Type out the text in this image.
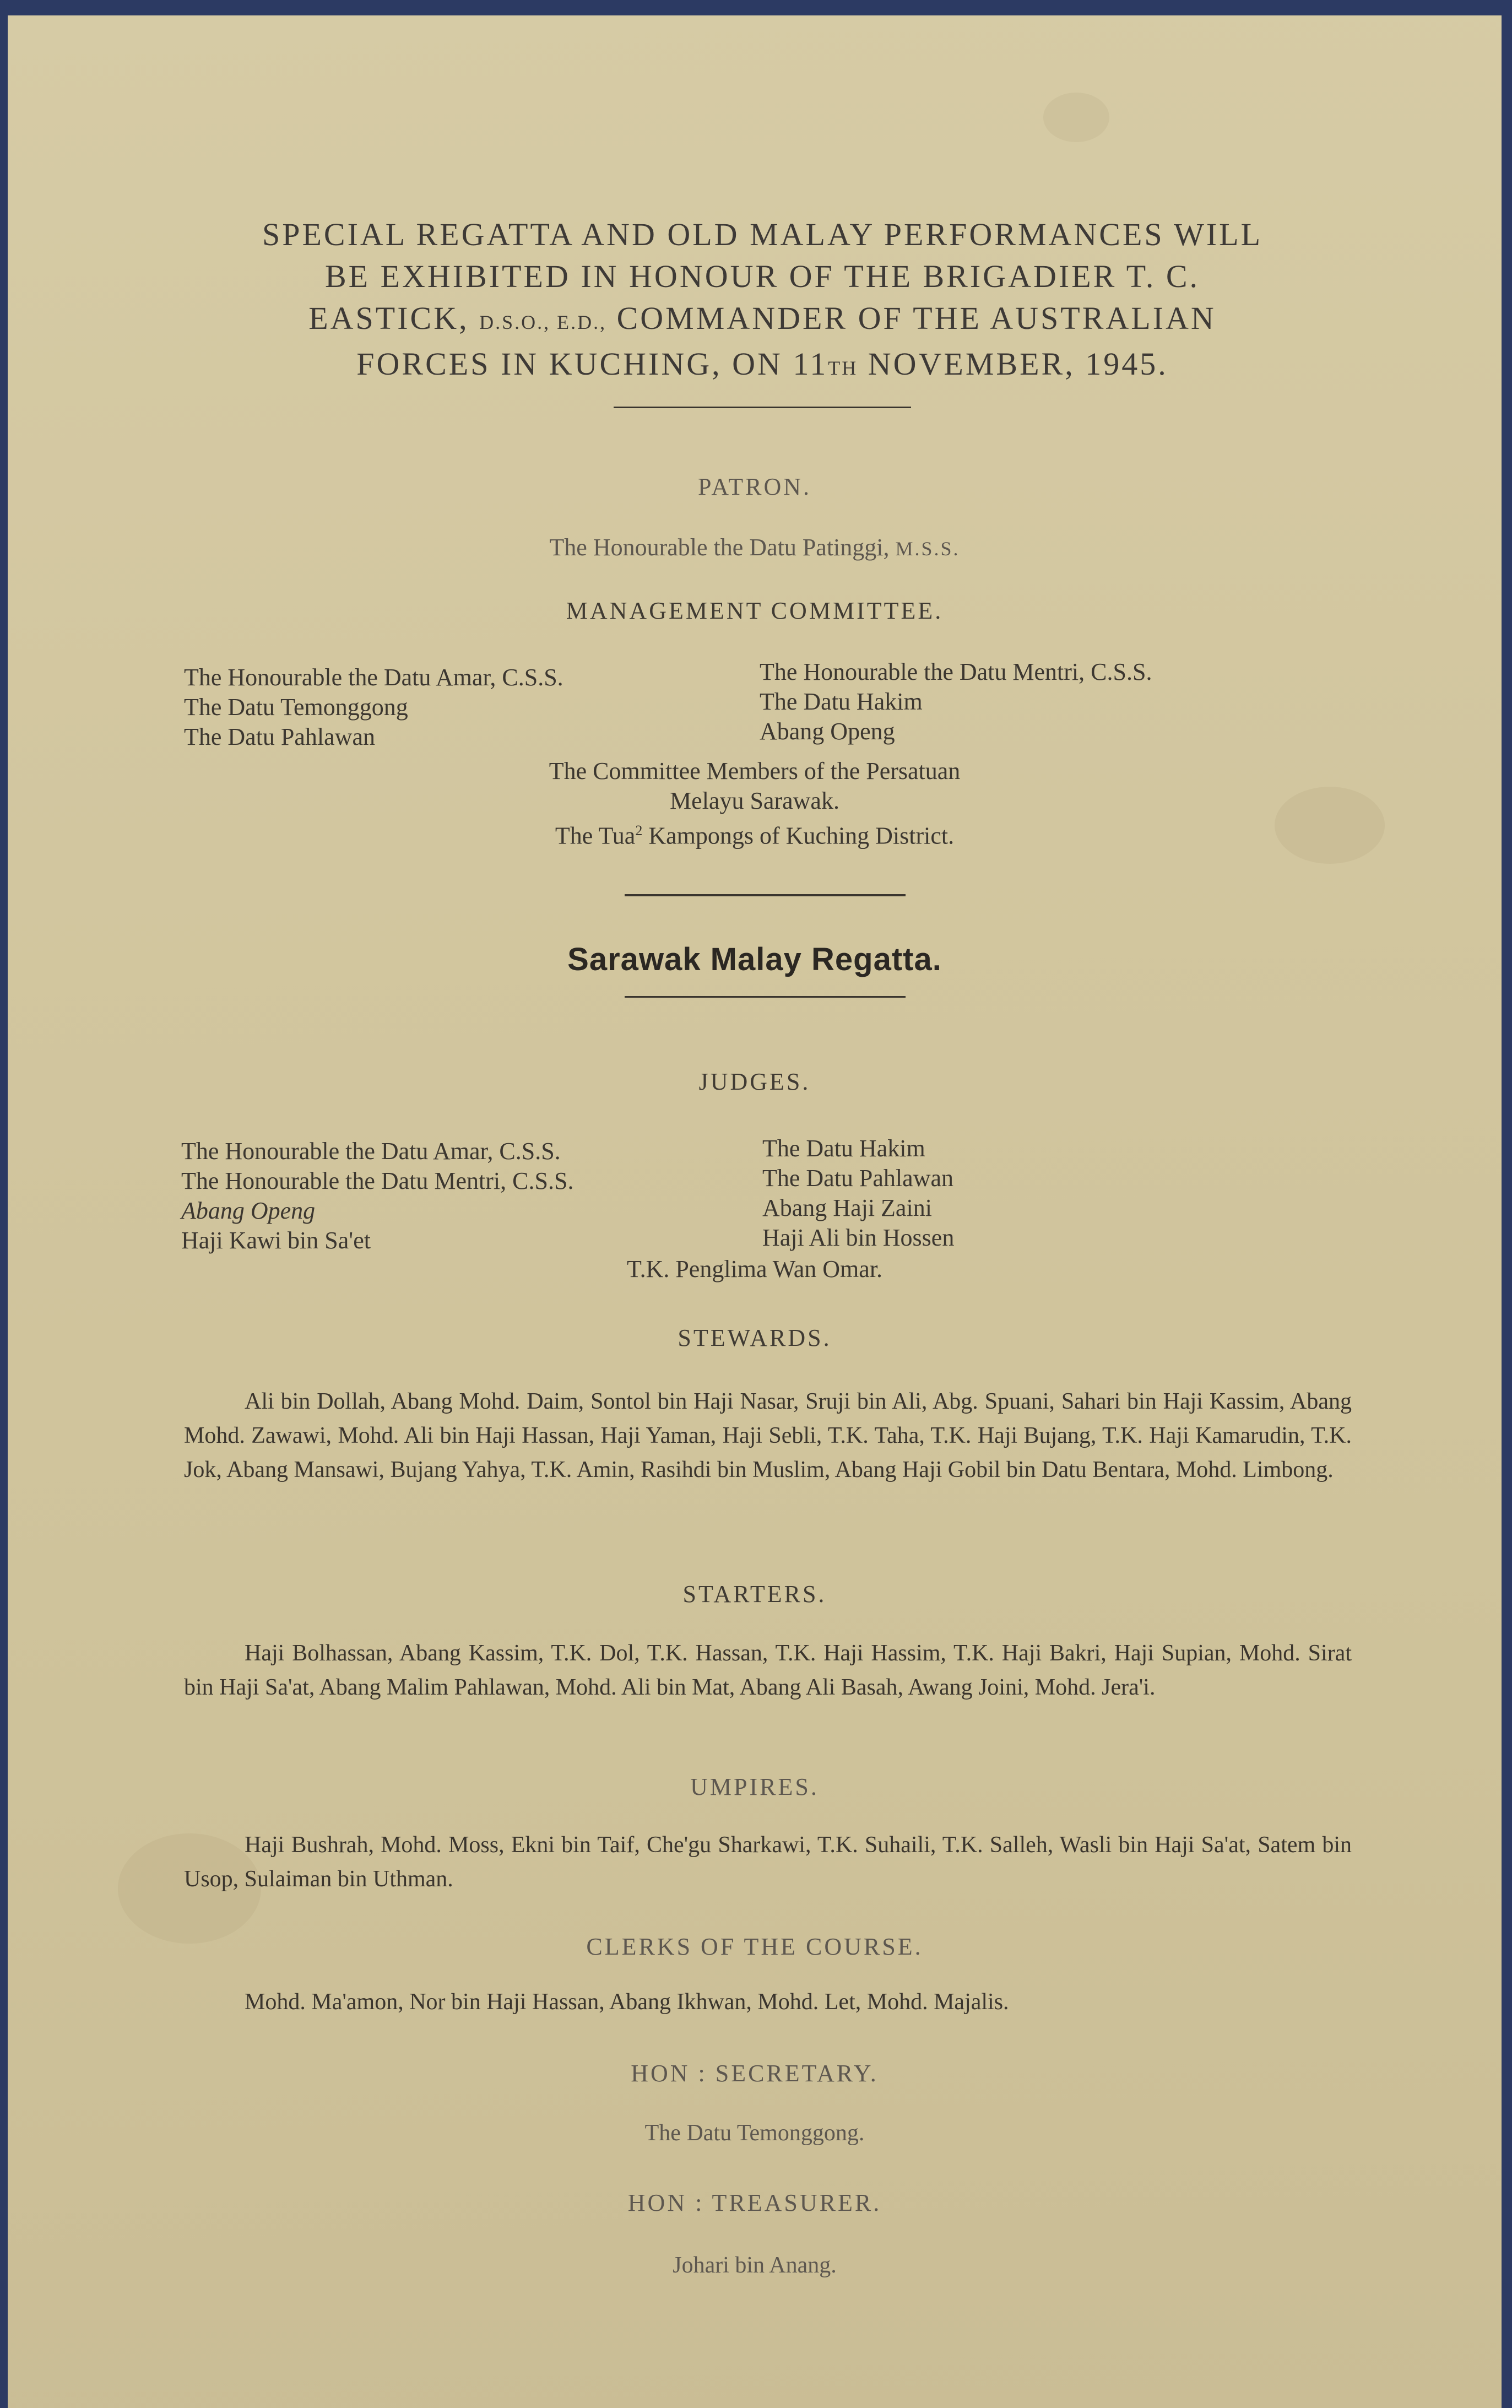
SPECIAL REGATTA AND OLD MALAY PERFORMANCES WILL
BE EXHIBITED IN HONOUR OF THE BRIGADIER T. C.
EASTICK, D.S.O., E.D., COMMANDER OF THE AUSTRALIAN
FORCES IN KUCHING, ON 11TH NOVEMBER, 1945.
PATRON.
The Honourable the Datu Patinggi, M.S.S.
MANAGEMENT COMMITTEE.
The Honourable the Datu Amar, C.S.S.
The Datu Temonggong
The Datu Pahlawan
The Honourable the Datu Mentri, C.S.S.
The Datu Hakim
Abang Openg
The Committee Members of the Persatuan
Melayu Sarawak.
The Tua$^2$ Kampongs of Kuching District.
Sarawak Malay Regatta.
JUDGES.
The Honourable the Datu Amar, C.S.S.
The Honourable the Datu Mentri, C.S.S.
Abang Openg
Haji Kawi bin Sa'et
The Datu Hakim
The Datu Pahlawan
Abang Haji Zaini
Haji Ali bin Hossen
T.K. Penglima Wan Omar.
STEWARDS.
Ali bin Dollah, Abang Mohd. Daim, Sontol bin Haji Nasar, Sruji bin Ali, Abg. Spuani, Sahari bin Haji Kassim, Abang Mohd. Zawawi, Mohd. Ali bin Haji Hassan, Haji Yaman, Haji Sebli, T.K. Taha, T.K. Haji Bujang, T.K. Haji Kamarudin, T.K. Jok, Abang Mansawi, Bujang Yahya, T.K. Amin, Rasihdi bin Muslim, Abang Haji Gobil bin Datu Bentara, Mohd. Limbong.
STARTERS.
Haji Bolhassan, Abang Kassim, T.K. Dol, T.K. Hassan, T.K. Haji Hassim, T.K. Haji Bakri, Haji Supian, Mohd. Sirat bin Haji Sa'at, Abang Malim Pahlawan, Mohd. Ali bin Mat, Abang Ali Basah, Awang Joini, Mohd. Jera'i.
UMPIRES.
Haji Bushrah, Mohd. Moss, Ekni bin Taif, Che'gu Sharkawi, T.K. Suhaili, T.K. Salleh, Wasli bin Haji Sa'at, Satem bin Usop, Sulaiman bin Uthman.
CLERKS OF THE COURSE.
Mohd. Ma'amon, Nor bin Haji Hassan, Abang Ikhwan, Mohd. Let, Mohd. Majalis.
HON : SECRETARY.
The Datu Temonggong.
HON : TREASURER.
Johari bin Anang.
